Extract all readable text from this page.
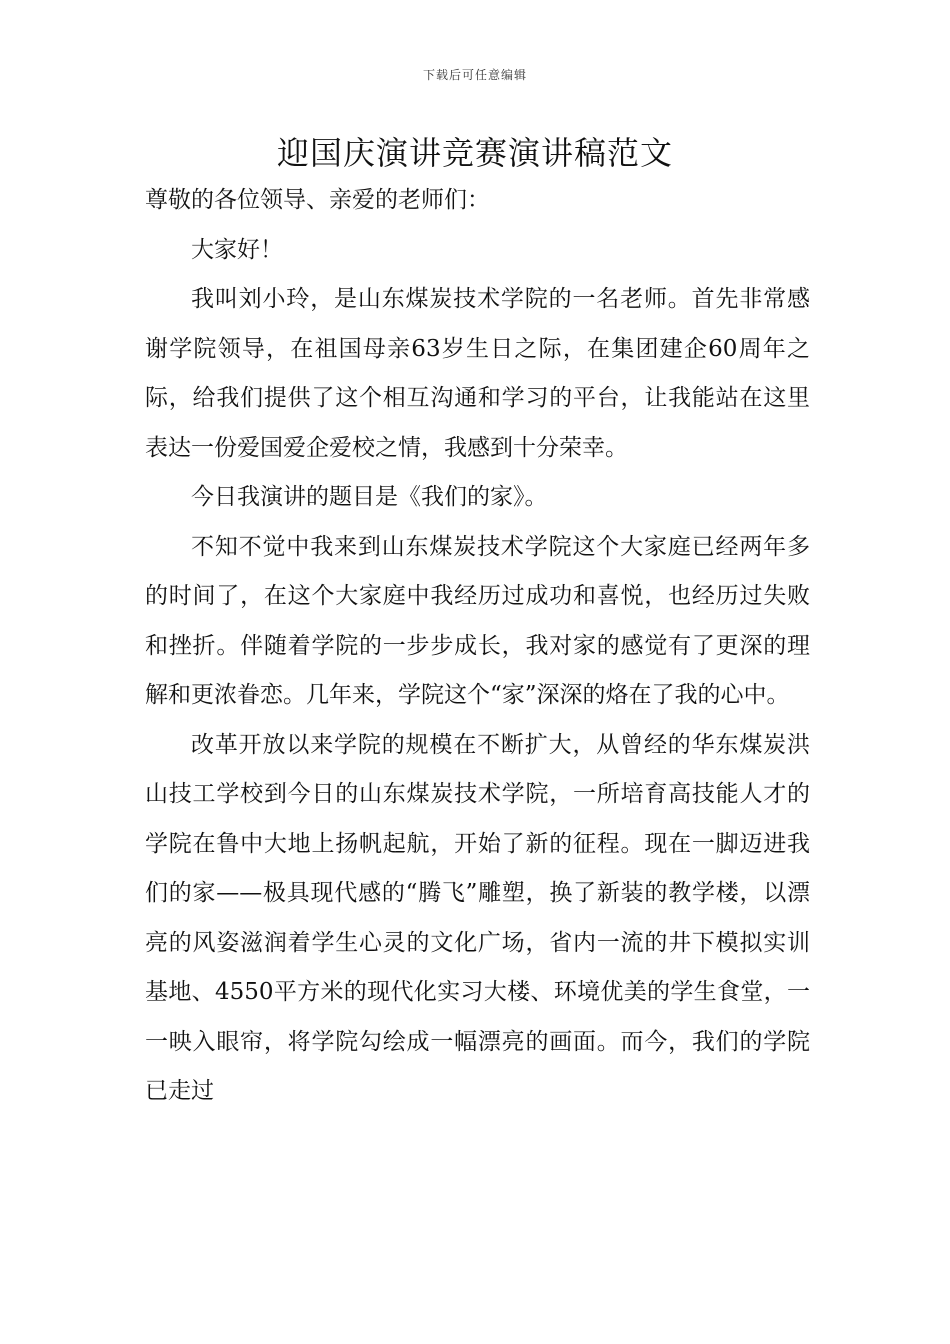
下载后可任意编辑
迎国庆演讲竞赛演讲稿范文

尊敬的各位领导、亲爱的老师们：

大家好！

我叫刘小玲，是山东煤炭技术学院的一名老师。首先非常感谢学院领导，在祖国母亲63岁生日之际，在集团建企60周年之际，给我们提供了这个相互沟通和学习的平台，让我能站在这里表达一份爱国爱企爱校之情，我感到十分荣幸。

今日我演讲的题目是《我们的家》。

不知不觉中我来到山东煤炭技术学院这个大家庭已经两年多的时间了，在这个大家庭中我经历过成功和喜悦，也经历过失败和挫折。伴随着学院的一步步成长，我对家的感觉有了更深的理解和更浓眷恋。几年来，学院这个“家”深深的烙在了我的心中。

改革开放以来学院的规模在不断扩大，从曾经的华东煤炭洪山技工学校到今日的山东煤炭技术学院，一所培育高技能人才的学院在鲁中大地上扬帆起航，开始了新的征程。现在一脚迈进我们的家——极具现代感的“腾飞”雕塑，换了新装的教学楼，以漂亮的风姿滋润着学生心灵的文化广场，省内一流的井下模拟实训基地、4550平方米的现代化实习大楼、环境优美的学生食堂，一一映入眼帘，将学院勾绘成一幅漂亮的画面。而今，我们的学院已走过
